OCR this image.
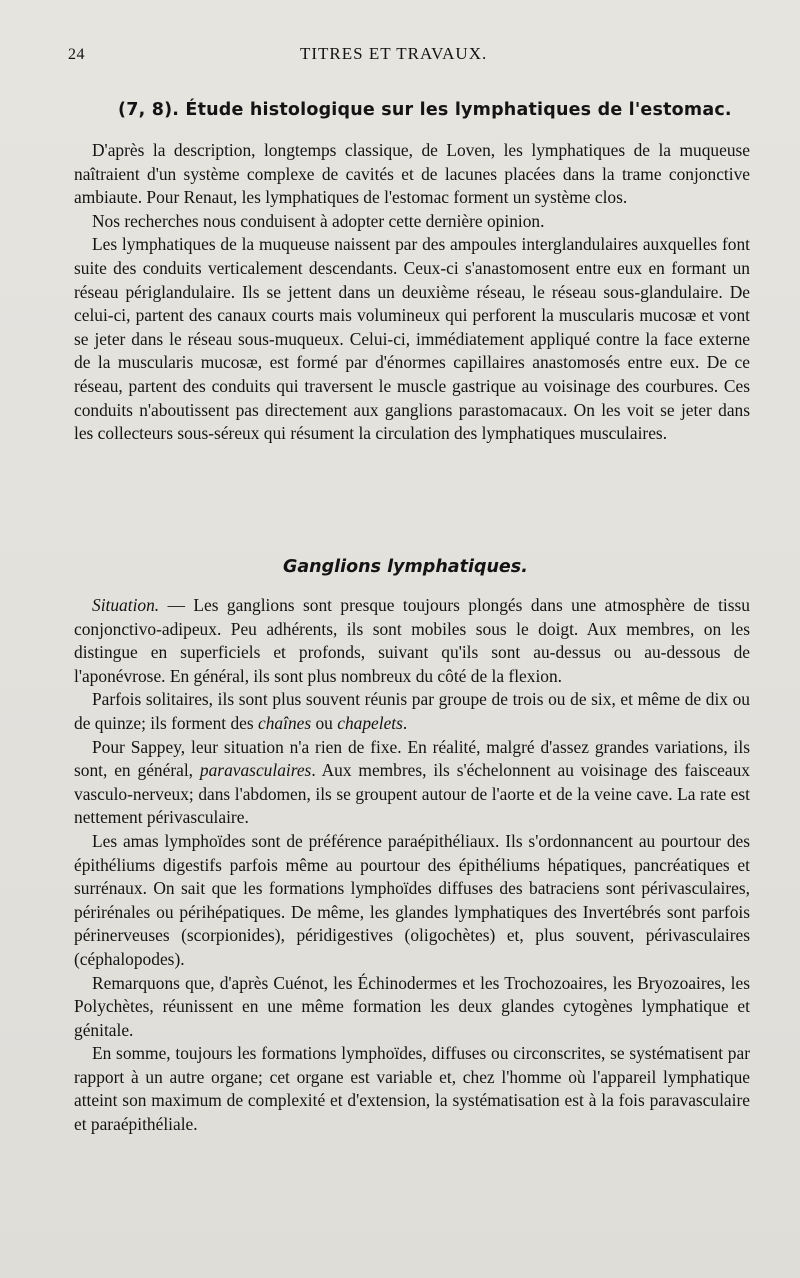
24	TITRES ET TRAVAUX.
(7, 8). Étude histologique sur les lymphatiques de l'estomac.

D'après la description, longtemps classique, de Loven, les lymphatiques de la muqueuse naîtraient d'un système complexe de cavités et de lacunes placées dans la trame conjonctive ambiaute. Pour Renaut, les lymphatiques de l'estomac forment un système clos.

Nos recherches nous conduisent à adopter cette dernière opinion.

Les lymphatiques de la muqueuse naissent par des ampoules interglandulaires auxquelles font suite des conduits verticalement descendants. Ceux-ci s'anastomosent entre eux en formant un réseau périglandulaire. Ils se jettent dans un deuxième réseau, le réseau sous-glandulaire. De celui-ci, partent des canaux courts mais volumineux qui perforent la muscularis mucosæ et vont se jeter dans le réseau sous-muqueux. Celui-ci, immédiatement appliqué contre la face externe de la muscularis mucosæ, est formé par d'énormes capillaires anastomosés entre eux. De ce réseau, partent des conduits qui traversent le muscle gastrique au voisinage des courbures. Ces conduits n'aboutissent pas directement aux ganglions parastomacaux. On les voit se jeter dans les collecteurs sous-séreux qui résument la circulation des lymphatiques musculaires.

Ganglions lymphatiques.

Situation. — Les ganglions sont presque toujours plongés dans une atmosphère de tissu conjonctivo-adipeux. Peu adhérents, ils sont mobiles sous le doigt. Aux membres, on les distingue en superficiels et profonds, suivant qu'ils sont au-dessus ou au-dessous de l'aponévrose. En général, ils sont plus nombreux du côté de la flexion.

Parfois solitaires, ils sont plus souvent réunis par groupe de trois ou de six, et même de dix ou de quinze; ils forment des chaînes ou chapelets.

Pour Sappey, leur situation n'a rien de fixe. En réalité, malgré d'assez grandes variations, ils sont, en général, paravasculaires. Aux membres, ils s'échelonnent au voisinage des faisceaux vasculo-nerveux; dans l'abdomen, ils se groupent autour de l'aorte et de la veine cave. La rate est nettement périvasculaire.

Les amas lymphoïdes sont de préférence paraépithéliaux. Ils s'ordonnancent au pourtour des épithéliums digestifs parfois même au pourtour des épithéliums hépatiques, pancréatiques et surrénaux. On sait que les formations lymphoïdes diffuses des batraciens sont périvasculaires, périrénales ou périhépatiques. De même, les glandes lymphatiques des Invertébrés sont parfois périnerveuses (scorpionides), péridigestives (oligochètes) et, plus souvent, périvasculaires (céphalopodes).

Remarquons que, d'après Cuénot, les Échinodermes et les Trochozoaires, les Bryozoaires, les Polychètes, réunissent en une même formation les deux glandes cytogènes lymphatique et génitale.

En somme, toujours les formations lymphoïdes, diffuses ou circonscrites, se systématisent par rapport à un autre organe; cet organe est variable et, chez l'homme où l'appareil lymphatique atteint son maximum de complexité et d'extension, la systématisation est à la fois paravasculaire et paraépithéliale.
